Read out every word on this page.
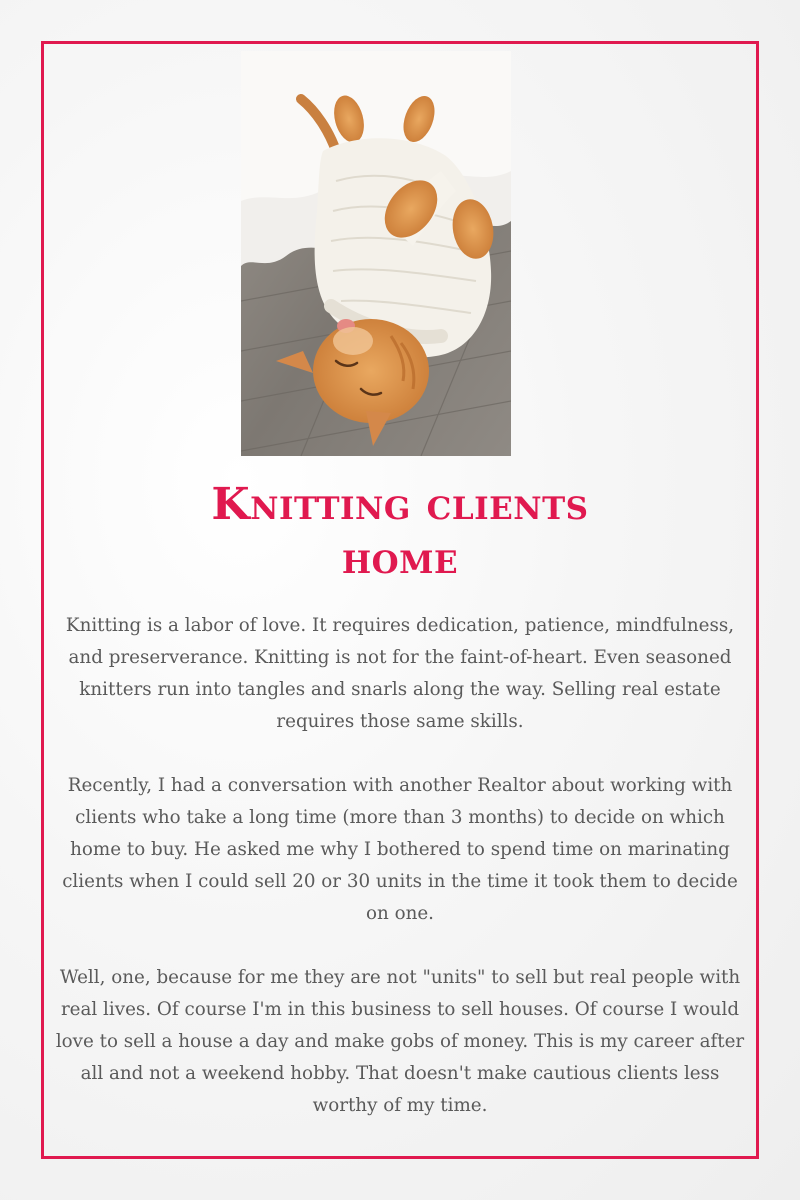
Knitting clients
home

Knitting is a labor of love. It requires dedication, patience, mindfulness, and preserverance. Knitting is not for the faint-of-heart. Even seasoned knitters run into tangles and snarls along the way. Selling real estate requires those same skills.

Recently, I had a conversation with another Realtor about working with clients who take a long time (more than 3 months) to decide on which home to buy. He asked me why I bothered to spend time on marinating clients when I could sell 20 or 30 units in the time it took them to decide on one.

Well, one, because for me they are not "units" to sell but real people with real lives. Of course I'm in this business to sell houses. Of course I would love to sell a house a day and make gobs of money. This is my career after all and not a weekend hobby. That doesn't make cautious clients less worthy of my time.
